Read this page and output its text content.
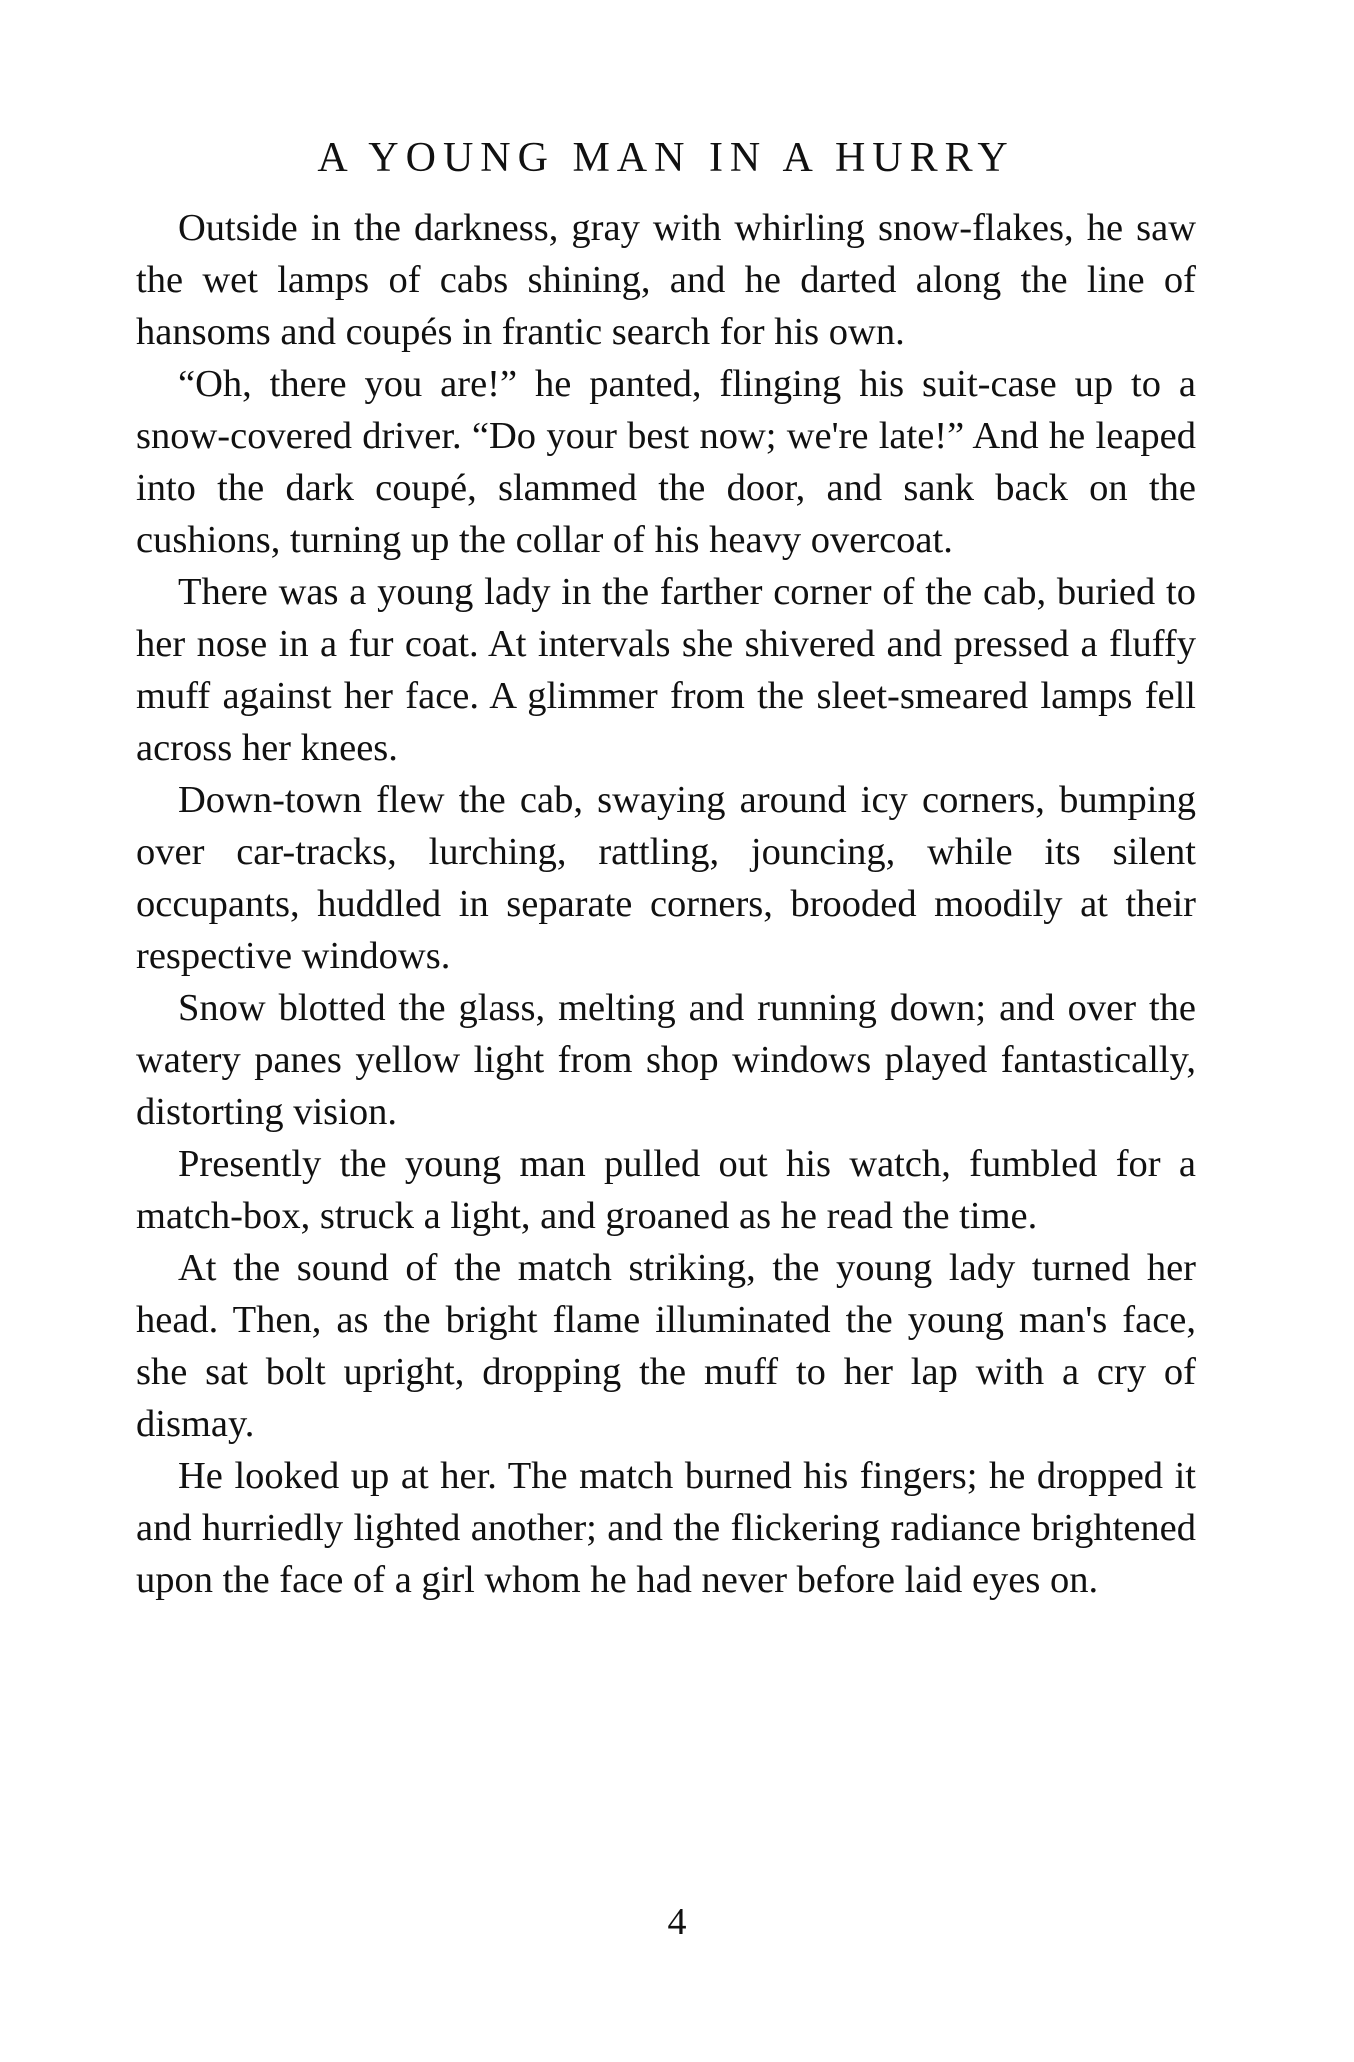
A YOUNG MAN IN A HURRY

Outside in the darkness, gray with whirling snow-flakes, he saw the wet lamps of cabs shining, and he darted along the line of hansoms and coupés in frantic search for his own.

“Oh, there you are!” he panted, flinging his suit-case up to a snow-covered driver. “Do your best now; we're late!” And he leaped into the dark coupé, slammed the door, and sank back on the cushions, turning up the collar of his heavy overcoat.

There was a young lady in the farther corner of the cab, buried to her nose in a fur coat. At intervals she shivered and pressed a fluffy muff against her face. A glimmer from the sleet-smeared lamps fell across her knees.

Down-town flew the cab, swaying around icy corners, bumping over car-tracks, lurching, rattling, jouncing, while its silent occupants, huddled in separate corners, brooded moodily at their respective windows.

Snow blotted the glass, melting and running down; and over the watery panes yellow light from shop windows played fantastically, distorting vision.

Presently the young man pulled out his watch, fumbled for a match-box, struck a light, and groaned as he read the time.

At the sound of the match striking, the young lady turned her head. Then, as the bright flame illuminated the young man's face, she sat bolt upright, dropping the muff to her lap with a cry of dismay.

He looked up at her. The match burned his fingers; he dropped it and hurriedly lighted another; and the flickering radiance brightened upon the face of a girl whom he had never before laid eyes on.

4
